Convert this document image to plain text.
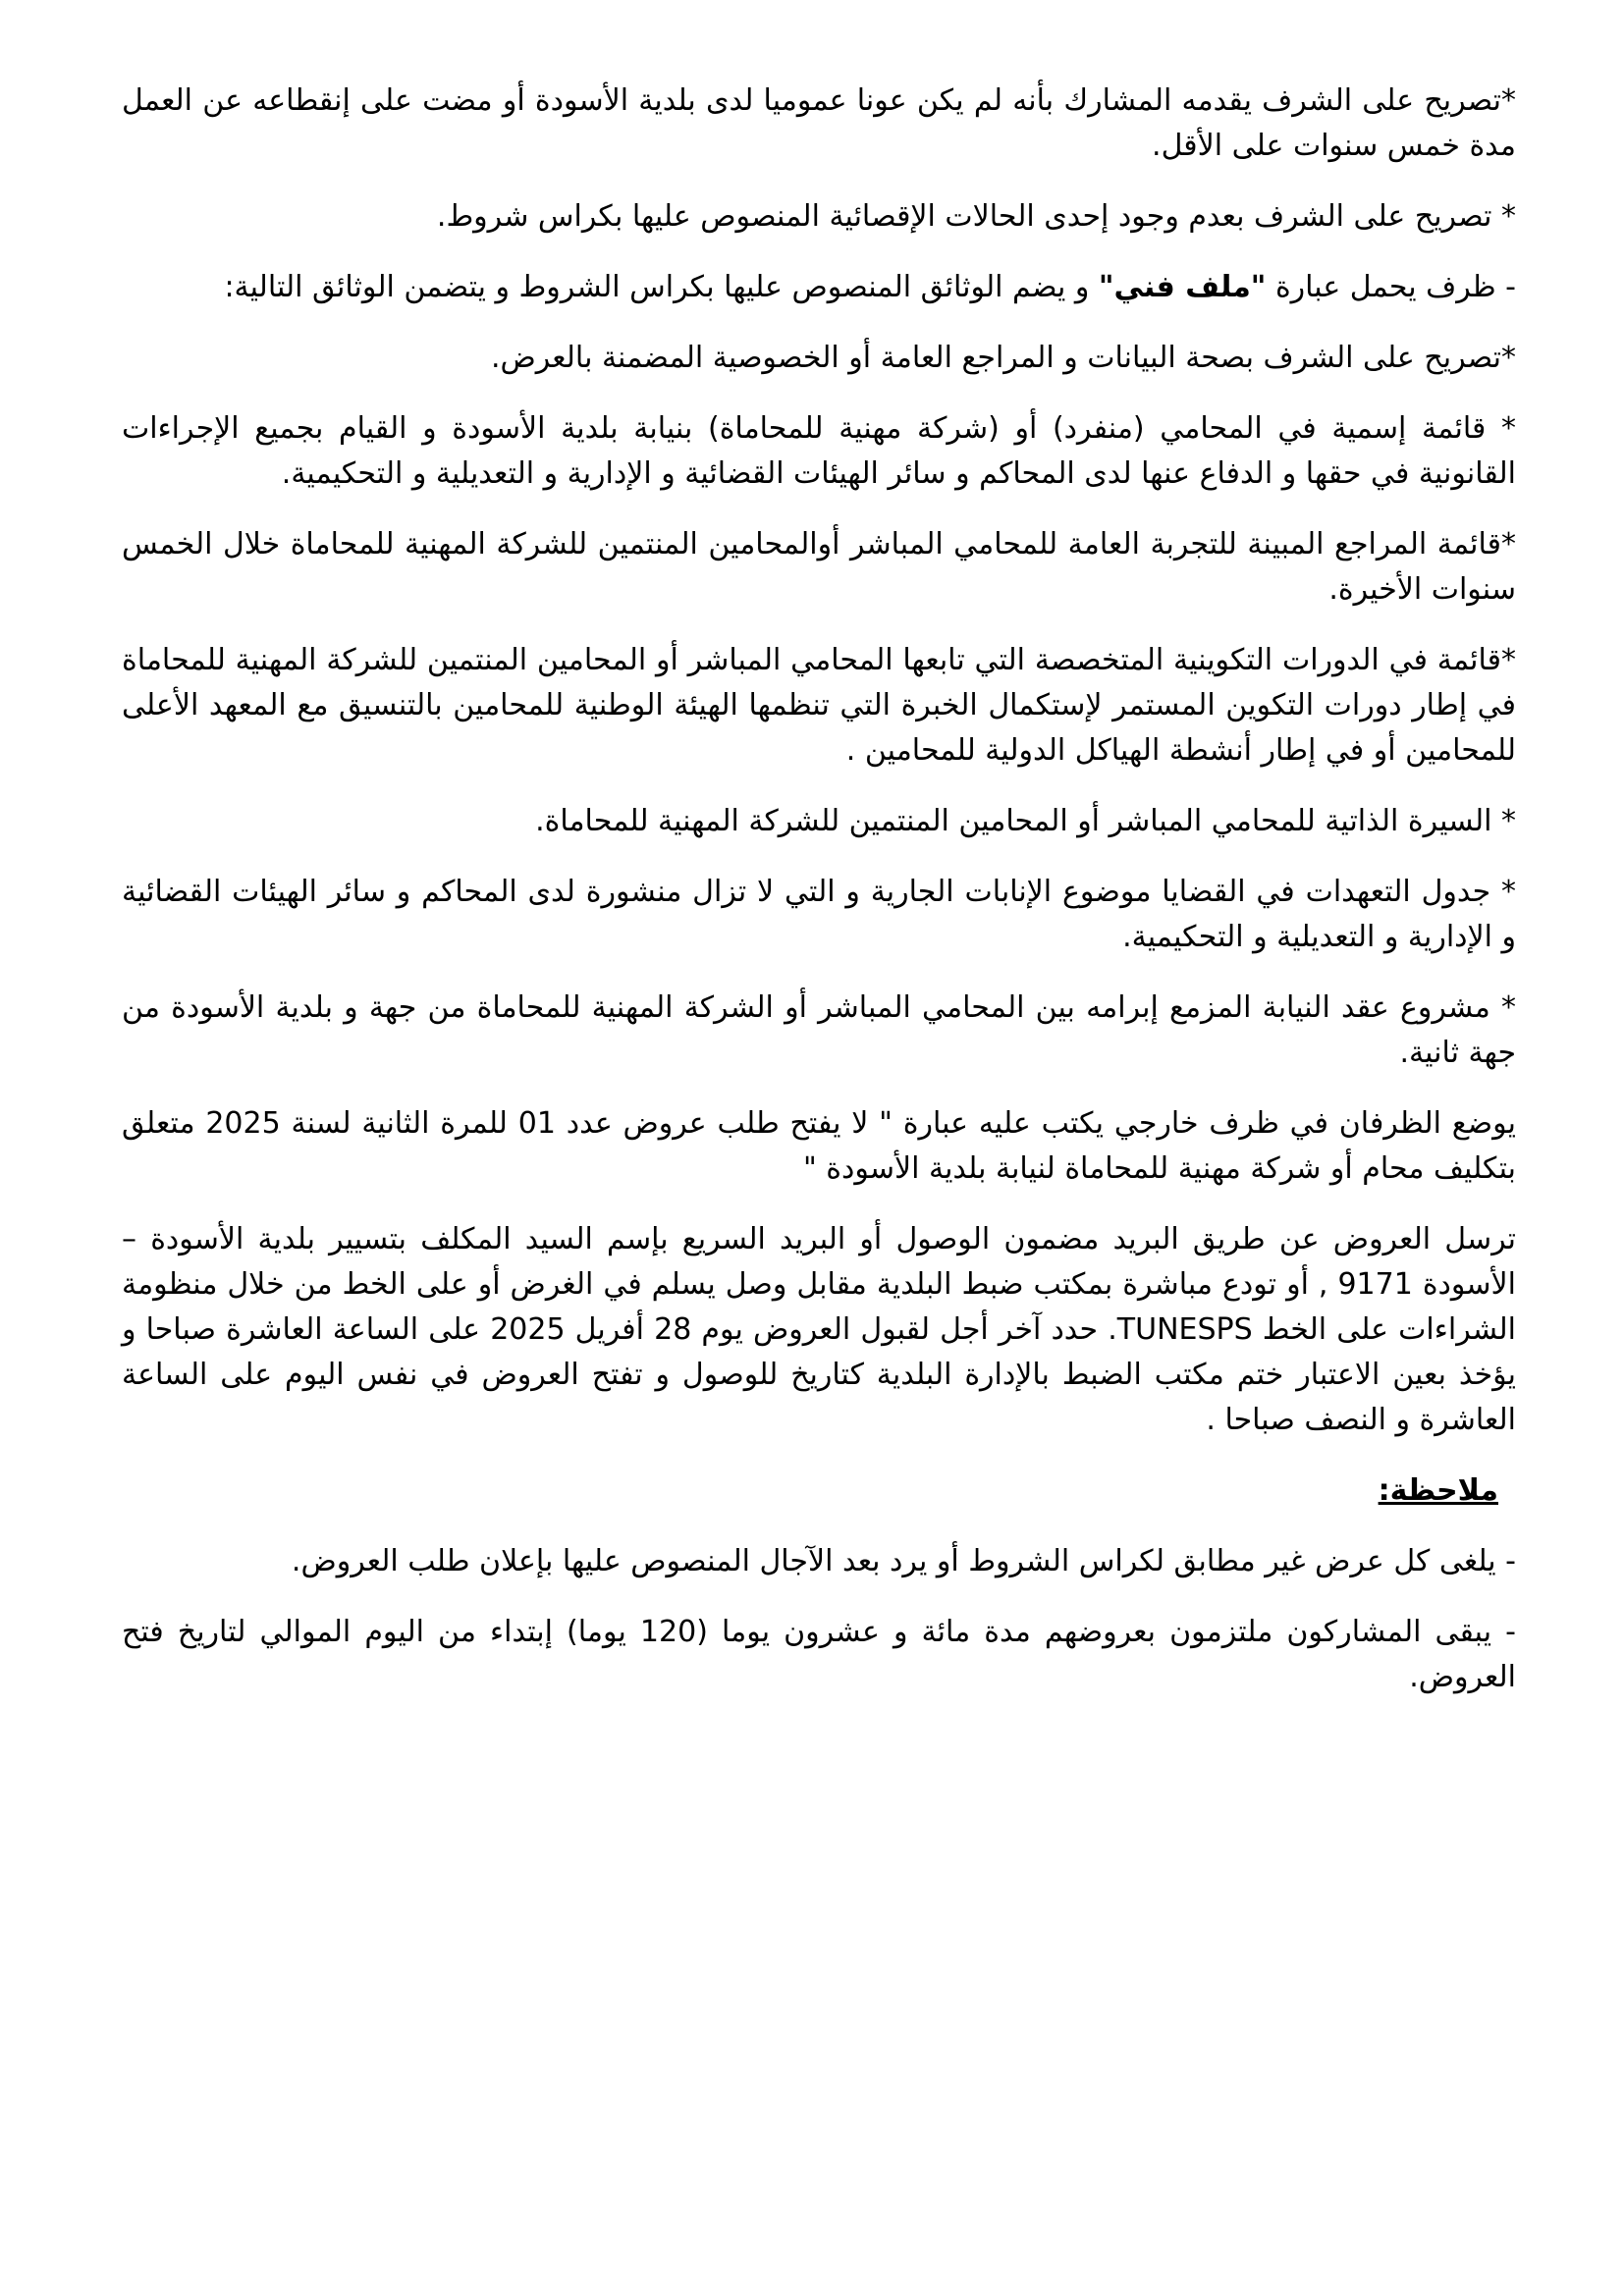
*تصريح على الشرف يقدمه المشارك بأنه لم يكن عونا عموميا لدى بلدية الأسودة أو مضت على إنقطاعه عن العمل مدة خمس سنوات على الأقل.

* تصريح على الشرف بعدم وجود إحدى الحالات الإقصائية المنصوص عليها بكراس شروط.

- ظرف يحمل عبارة "ملف فني" و يضم الوثائق المنصوص عليها بكراس الشروط و يتضمن الوثائق التالية:

*تصريح على الشرف بصحة البيانات و المراجع العامة أو الخصوصية المضمنة بالعرض.

* قائمة إسمية في المحامي (منفرد) أو (شركة مهنية للمحاماة) بنيابة بلدية الأسودة و القيام بجميع الإجراءات القانونية في حقها و الدفاع عنها لدى المحاكم و سائر الهيئات القضائية و الإدارية و التعديلية و التحكيمية.

*قائمة المراجع المبينة للتجربة العامة للمحامي المباشر أوالمحامين المنتمين للشركة المهنية للمحاماة خلال الخمس سنوات الأخيرة.

*قائمة في الدورات التكوينية المتخصصة التي تابعها المحامي المباشر أو المحامين المنتمين للشركة المهنية للمحاماة في إطار دورات التكوين المستمر لإستكمال الخبرة التي تنظمها الهيئة الوطنية للمحامين بالتنسيق مع المعهد الأعلى للمحامين أو في إطار أنشطة الهياكل الدولية للمحامين .

* السيرة الذاتية للمحامي المباشر أو المحامين المنتمين للشركة المهنية للمحاماة.

* جدول التعهدات في القضايا موضوع الإنابات الجارية و التي لا تزال منشورة لدى المحاكم و سائر الهيئات القضائية و الإدارية و التعديلية و التحكيمية.

* مشروع عقد النيابة المزمع إبرامه بين المحامي المباشر أو الشركة المهنية للمحاماة من جهة و بلدية الأسودة من جهة ثانية.

يوضع الظرفان في ظرف خارجي يكتب عليه عبارة " لا يفتح طلب عروض عدد 01 للمرة الثانية لسنة 2025 متعلق بتكليف محام أو شركة مهنية للمحاماة لنيابة بلدية الأسودة "

ترسل العروض عن طريق البريد مضمون الوصول أو البريد السريع بإسم السيد المكلف بتسيير بلدية الأسودة – الأسودة 9171 , أو تودع مباشرة بمكتب ضبط البلدية مقابل وصل يسلم في الغرض أو على الخط من خلال منظومة الشراءات على الخط TUNESPS. حدد آخر أجل لقبول العروض يوم 28 أفريل 2025 على الساعة العاشرة صباحا و يؤخذ بعين الاعتبار ختم مكتب الضبط بالإدارة البلدية كتاريخ للوصول و تفتح العروض في نفس اليوم على الساعة العاشرة و النصف صباحا .

ملاحظة:

- يلغى كل عرض غير مطابق لكراس الشروط أو يرد بعد الآجال المنصوص عليها بإعلان طلب العروض.

- يبقى المشاركون ملتزمون بعروضهم مدة مائة و عشرون يوما (120 يوما) إبتداء من اليوم الموالي لتاريخ فتح العروض.
